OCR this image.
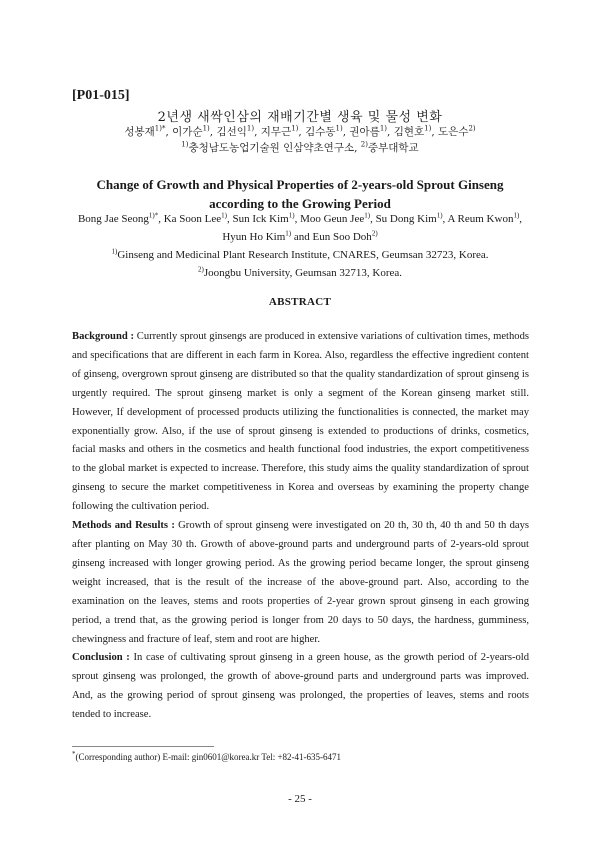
[P01-015]
2년생 새싹인삼의 재배기간별 생육 및 물성 변화
성봉재$^{1)*}$, 이가순$^{1)}$, 김선익$^{1)}$, 지무근$^{1)}$, 김수동$^{1)}$, 권아름$^{1)}$, 김현호$^{1)}$, 도은수$^{2)}$
$^{1)}$충청남도농업기술원 인삼약초연구소, $^{2)}$중부대학교
Change of Growth and Physical Properties of 2-years-old Sprout Ginseng
according to the Growing Period
Bong Jae Seong$^{1)*}$, Ka Soon Lee$^{1)}$, Sun Ick Kim$^{1)}$, Moo Geun Jee$^{1)}$, Su Dong Kim$^{1)}$, A Reum Kwon$^{1)}$, Hyun Ho Kim$^{1)}$ and Eun Soo Doh$^{2)}$
$^{1)}$Ginseng and Medicinal Plant Research Institute, CNARES, Geumsan 32723, Korea.
$^{2)}$Joongbu University, Geumsan 32713, Korea.
ABSTRACT

Background : Currently sprout ginsengs are produced in extensive variations of cultivation times, methods and specifications that are different in each farm in Korea. Also, regardless the effective ingredient content of ginseng, overgrown sprout ginseng are distributed so that the quality standardization of sprout ginseng is urgently required. The sprout ginseng market is only a segment of the Korean ginseng market still. However, If development of processed products utilizing the functionalities is connected, the market may exponentially grow. Also, if the use of sprout ginseng is extended to productions of drinks, cosmetics, facial masks and others in the cosmetics and health functional food industries, the export competitiveness to the global market is expected to increase. Therefore, this study aims the quality standardization of sprout ginseng to secure the market competitiveness in Korea and overseas by examining the property change following the cultivation period.

Methods and Results : Growth of sprout ginseng were investigated on 20 th, 30 th, 40 th and 50 th days after planting on May 30 th. Growth of above-ground parts and underground parts of 2-years-old sprout ginseng increased with longer growing period. As the growing period became longer, the sprout ginseng weight increased, that is the result of the increase of the above-ground part. Also, according to the examination on the leaves, stems and roots properties of 2-year grown sprout ginseng in each growing period, a trend that, as the growing period is longer from 20 days to 50 days, the hardness, gumminess, chewingness and fracture of leaf, stem and root are higher.

Conclusion : In case of cultivating sprout ginseng in a green house, as the growth period of 2-years-old sprout ginseng was prolonged, the growth of above-ground parts and underground parts was improved. And, as the growing period of sprout ginseng was prolonged, the properties of leaves, stems and roots tended to increase.

*(Corresponding author) E-mail: gin0601@korea.kr Tel: +82-41-635-6471
- 25 -
